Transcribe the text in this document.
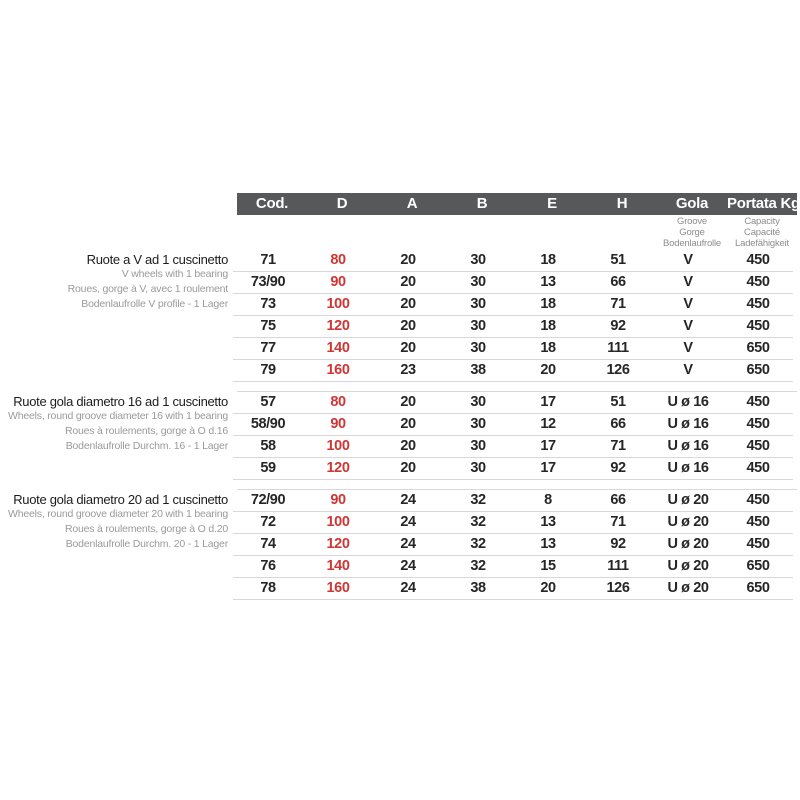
Cod.	D	A	B	E	H	Gola	Portata Kg
Groove
Gorge
Bodenlaufrolle
Capacity
Capacité
Ladefähigkeit
Ruote a V ad 1 cuscinetto
V wheels with 1 bearing
Roues, gorge à V, avec 1 roulement
Bodenlaufrolle V profile - 1 Lager
71	80	20	30	18	51	V	450
73/90	90	20	30	13	66	V	450
73	100	20	30	18	71	V	450
75	120	20	30	18	92	V	450
77	140	20	30	18	111	V	650
79	160	23	38	20	126	V	650
Ruote gola diametro 16 ad 1 cuscinetto
Wheels, round groove diameter 16 with 1 bearing
Roues à roulements, gorge à O d.16
Bodenlaufrolle Durchm. 16 - 1 Lager
57	80	20	30	17	51	U ø 16	450
58/90	90	20	30	12	66	U ø 16	450
58	100	20	30	17	71	U ø 16	450
59	120	20	30	17	92	U ø 16	450
Ruote gola diametro 20 ad 1 cuscinetto
Wheels, round groove diameter 20 with 1 bearing
Roues à roulements, gorge à O d.20
Bodenlaufrolle Durchm. 20 - 1 Lager
72/90	90	24	32	8	66	U ø 20	450
72	100	24	32	13	71	U ø 20	450
74	120	24	32	13	92	U ø 20	450
76	140	24	32	15	111	U ø 20	650
78	160	24	38	20	126	U ø 20	650
